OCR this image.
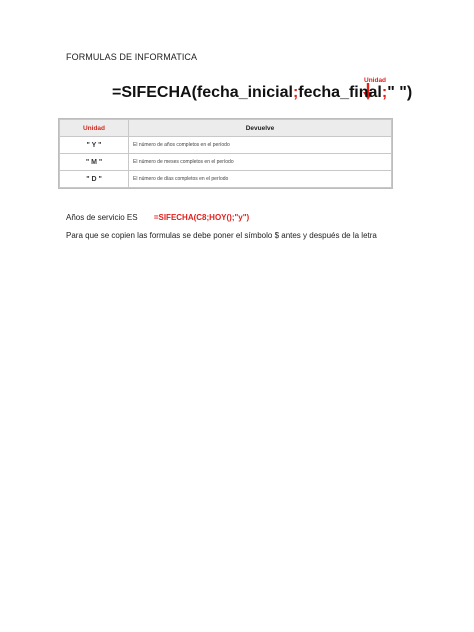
FORMULAS DE INFORMATICA
Unidad
=SIFECHA(fecha_inicial;fecha_final;" ")
Unidad	Devuelve
" Y "	El número de años completos en el período
" M "	El número de meses completos en el período
" D "	El número de días completos en el período
Años de servicio ES =SIFECHA(C8;HOY();"y")
Para que se copien las formulas se debe poner el símbolo $ antes y después de la letra
